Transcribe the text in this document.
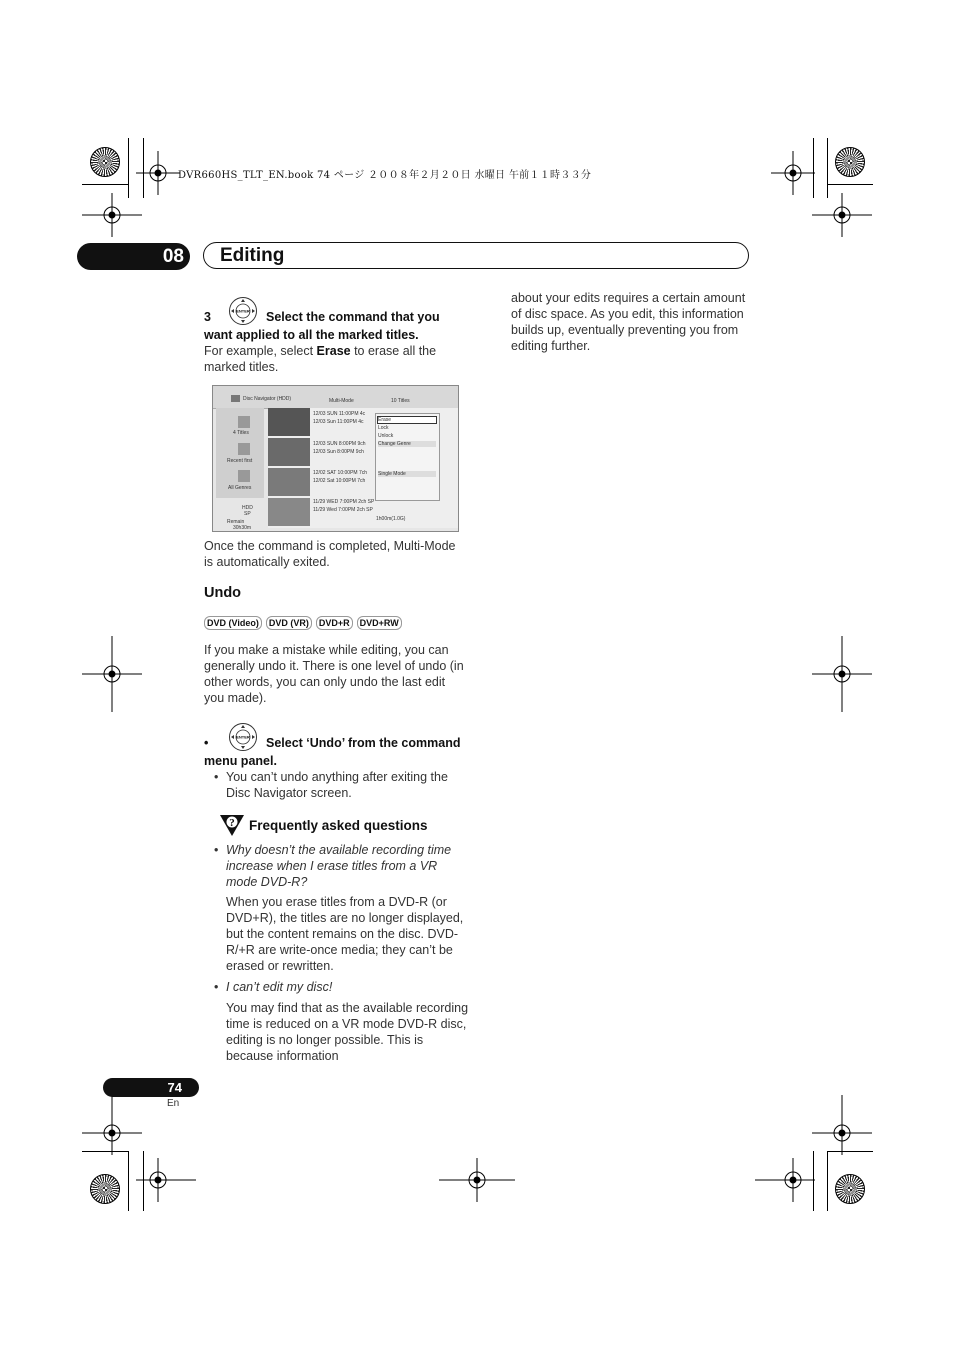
DVR660HS_TLT_EN.book 74 ページ ２００８年２月２０日 水曜日 午前１１時３３分
08	Editing
3	ENTER	Select the command that you want applied to all the marked titles.
For example, select Erase to erase all the marked titles.
Disc Navigator (HDD)	Multi-Mode	10 Titles
4 Titles
Recent first
All Genres
HDD
SP
Remain
30h30m
12/03 SUN 11:00PM 4c
12/03 Sun 11:00PM 4c
12/03 SUN 8:00PM 9ch
12/03 Sun 8:00PM 9ch
12/02 SAT 10:00PM 7ch
12/02 Sat 10:00PM 7ch
11/29 WED 7:00PM 2ch SP
11/29 Wed 7:00PM 2ch SP
1h00m(1.0G)
Erase
Lock
Unlock
Change Genre
Single Mode
Once the command is completed, Multi-Mode is automatically exited.
Undo
DVD (Video) DVD (VR) DVD+R DVD+RW
If you make a mistake while editing, you can generally undo it. There is one level of undo (in other words, you can only undo the last edit you made).
•	ENTER	Select ‘Undo’ from the command menu panel.
• You can’t undo anything after exiting the Disc Navigator screen.
? Frequently asked questions
• Why doesn’t the available recording time increase when I erase titles from a VR mode DVD-R?
When you erase titles from a DVD-R (or DVD+R), the titles are no longer displayed, but the content remains on the disc. DVD-R/+R are write-once media; they can’t be erased or rewritten.
• I can’t edit my disc!
You may find that as the available recording time is reduced on a VR mode DVD-R disc, editing is no longer possible. This is because information
about your edits requires a certain amount of disc space. As you edit, this information builds up, eventually preventing you from editing further.
74
En
